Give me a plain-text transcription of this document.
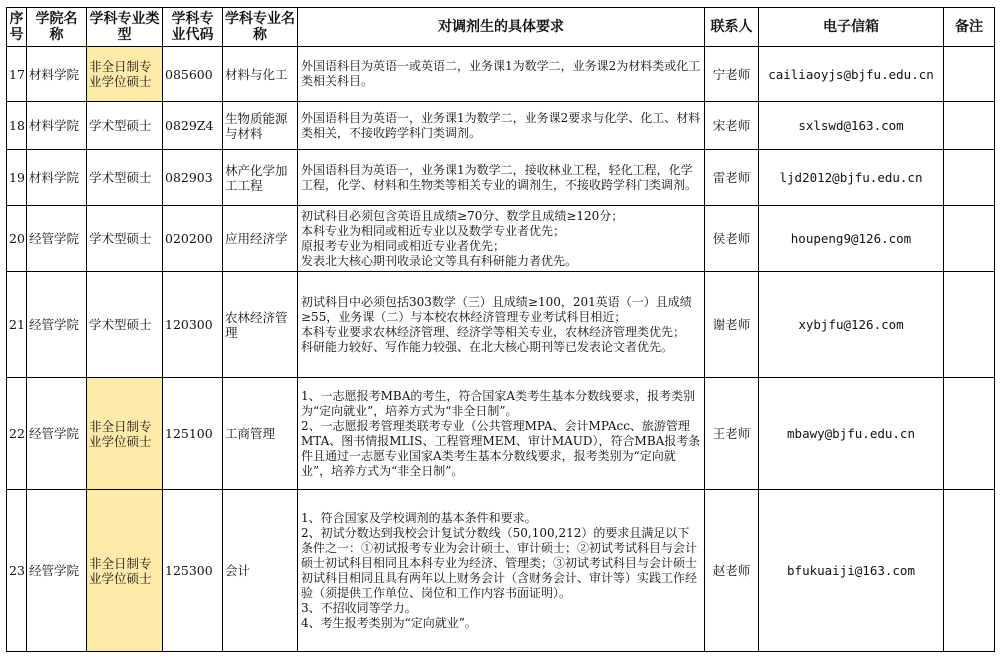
序号	学院名称	学科专业类型	学科专业代码	学科专业名称	对调剂生的具体要求	联系人	电子信箱	备注
17	材料学院	非全日制专业学位硕士	085600	材料与化工	外国语科目为英语一或英语二，业务课1为数学二，业务课2为材料类或化工类相关科目。	宁老师	cailiaoyjs@bjfu.edu.cn	
18	材料学院	学术型硕士	0829Z4	生物质能源与材料	外国语科目为英语一，业务课1为数学二，业务课2要求与化学、化工、材料类相关，不接收跨学科门类调剂。	宋老师	sxlswd@163.com	
19	材料学院	学术型硕士	082903	林产化学加工工程	外国语科目为英语一，业务课1为数学二，接收林业工程，轻化工程，化学工程，化学、材料和生物类等相关专业的调剂生，不接收跨学科门类调剂。	雷老师	ljd2012@bjfu.edu.cn	
20	经管学院	学术型硕士	020200	应用经济学	初试科目必须包含英语且成绩≥70分、数学且成绩≥120分；
本科专业为相同或相近专业以及数学专业者优先；
原报考专业为相同或相近专业者优先；
发表北大核心期刊收录论文等具有科研能力者优先。	侯老师	houpeng9@126.com	
21	经管学院	学术型硕士	120300	农林经济管理	初试科目中必须包括303数学（三）且成绩≥100，201英语（一）且成绩≥55，业务课（二）与本校农林经济管理专业考试科目相近；
本科专业要求农林经济管理、经济学等相关专业，农林经济管理类优先；
科研能力较好、写作能力较强、在北大核心期刊等已发表论文者优先。	谢老师	xybjfu@126.com	
22	经管学院	非全日制专业学位硕士	125100	工商管理	1、一志愿报考MBA的考生，符合国家A类考生基本分数线要求，报考类别为“定向就业”，培养方式为“非全日制”。
2、一志愿报考管理类联考专业（公共管理MPA、会计MPAcc、旅游管理MTA、图书情报MLIS、工程管理MEM、审计MAUD），符合MBA报考条件且通过一志愿专业国家A类考生基本分数线要求，报考类别为“定向就业”，培养方式为“非全日制”。	王老师	mbawy@bjfu.edu.cn	
23	经管学院	非全日制专业学位硕士	125300	会计	1、符合国家及学校调剂的基本条件和要求。
2、初试分数达到我校会计复试分数线（50,100,212）的要求且满足以下条件之一：①初试报考专业为会计硕士、审计硕士；②初试考试科目与会计硕士初试科目相同且本科专业为经济、管理类；③初试考试科目与会计硕士初试科目相同且具有两年以上财务会计（含财务会计、审计等）实践工作经验（须提供工作单位、岗位和工作内容书面证明）。
3、不招收同等学力。
4、考生报考类别为“定向就业”。	赵老师	bfukuaiji@163.com	
